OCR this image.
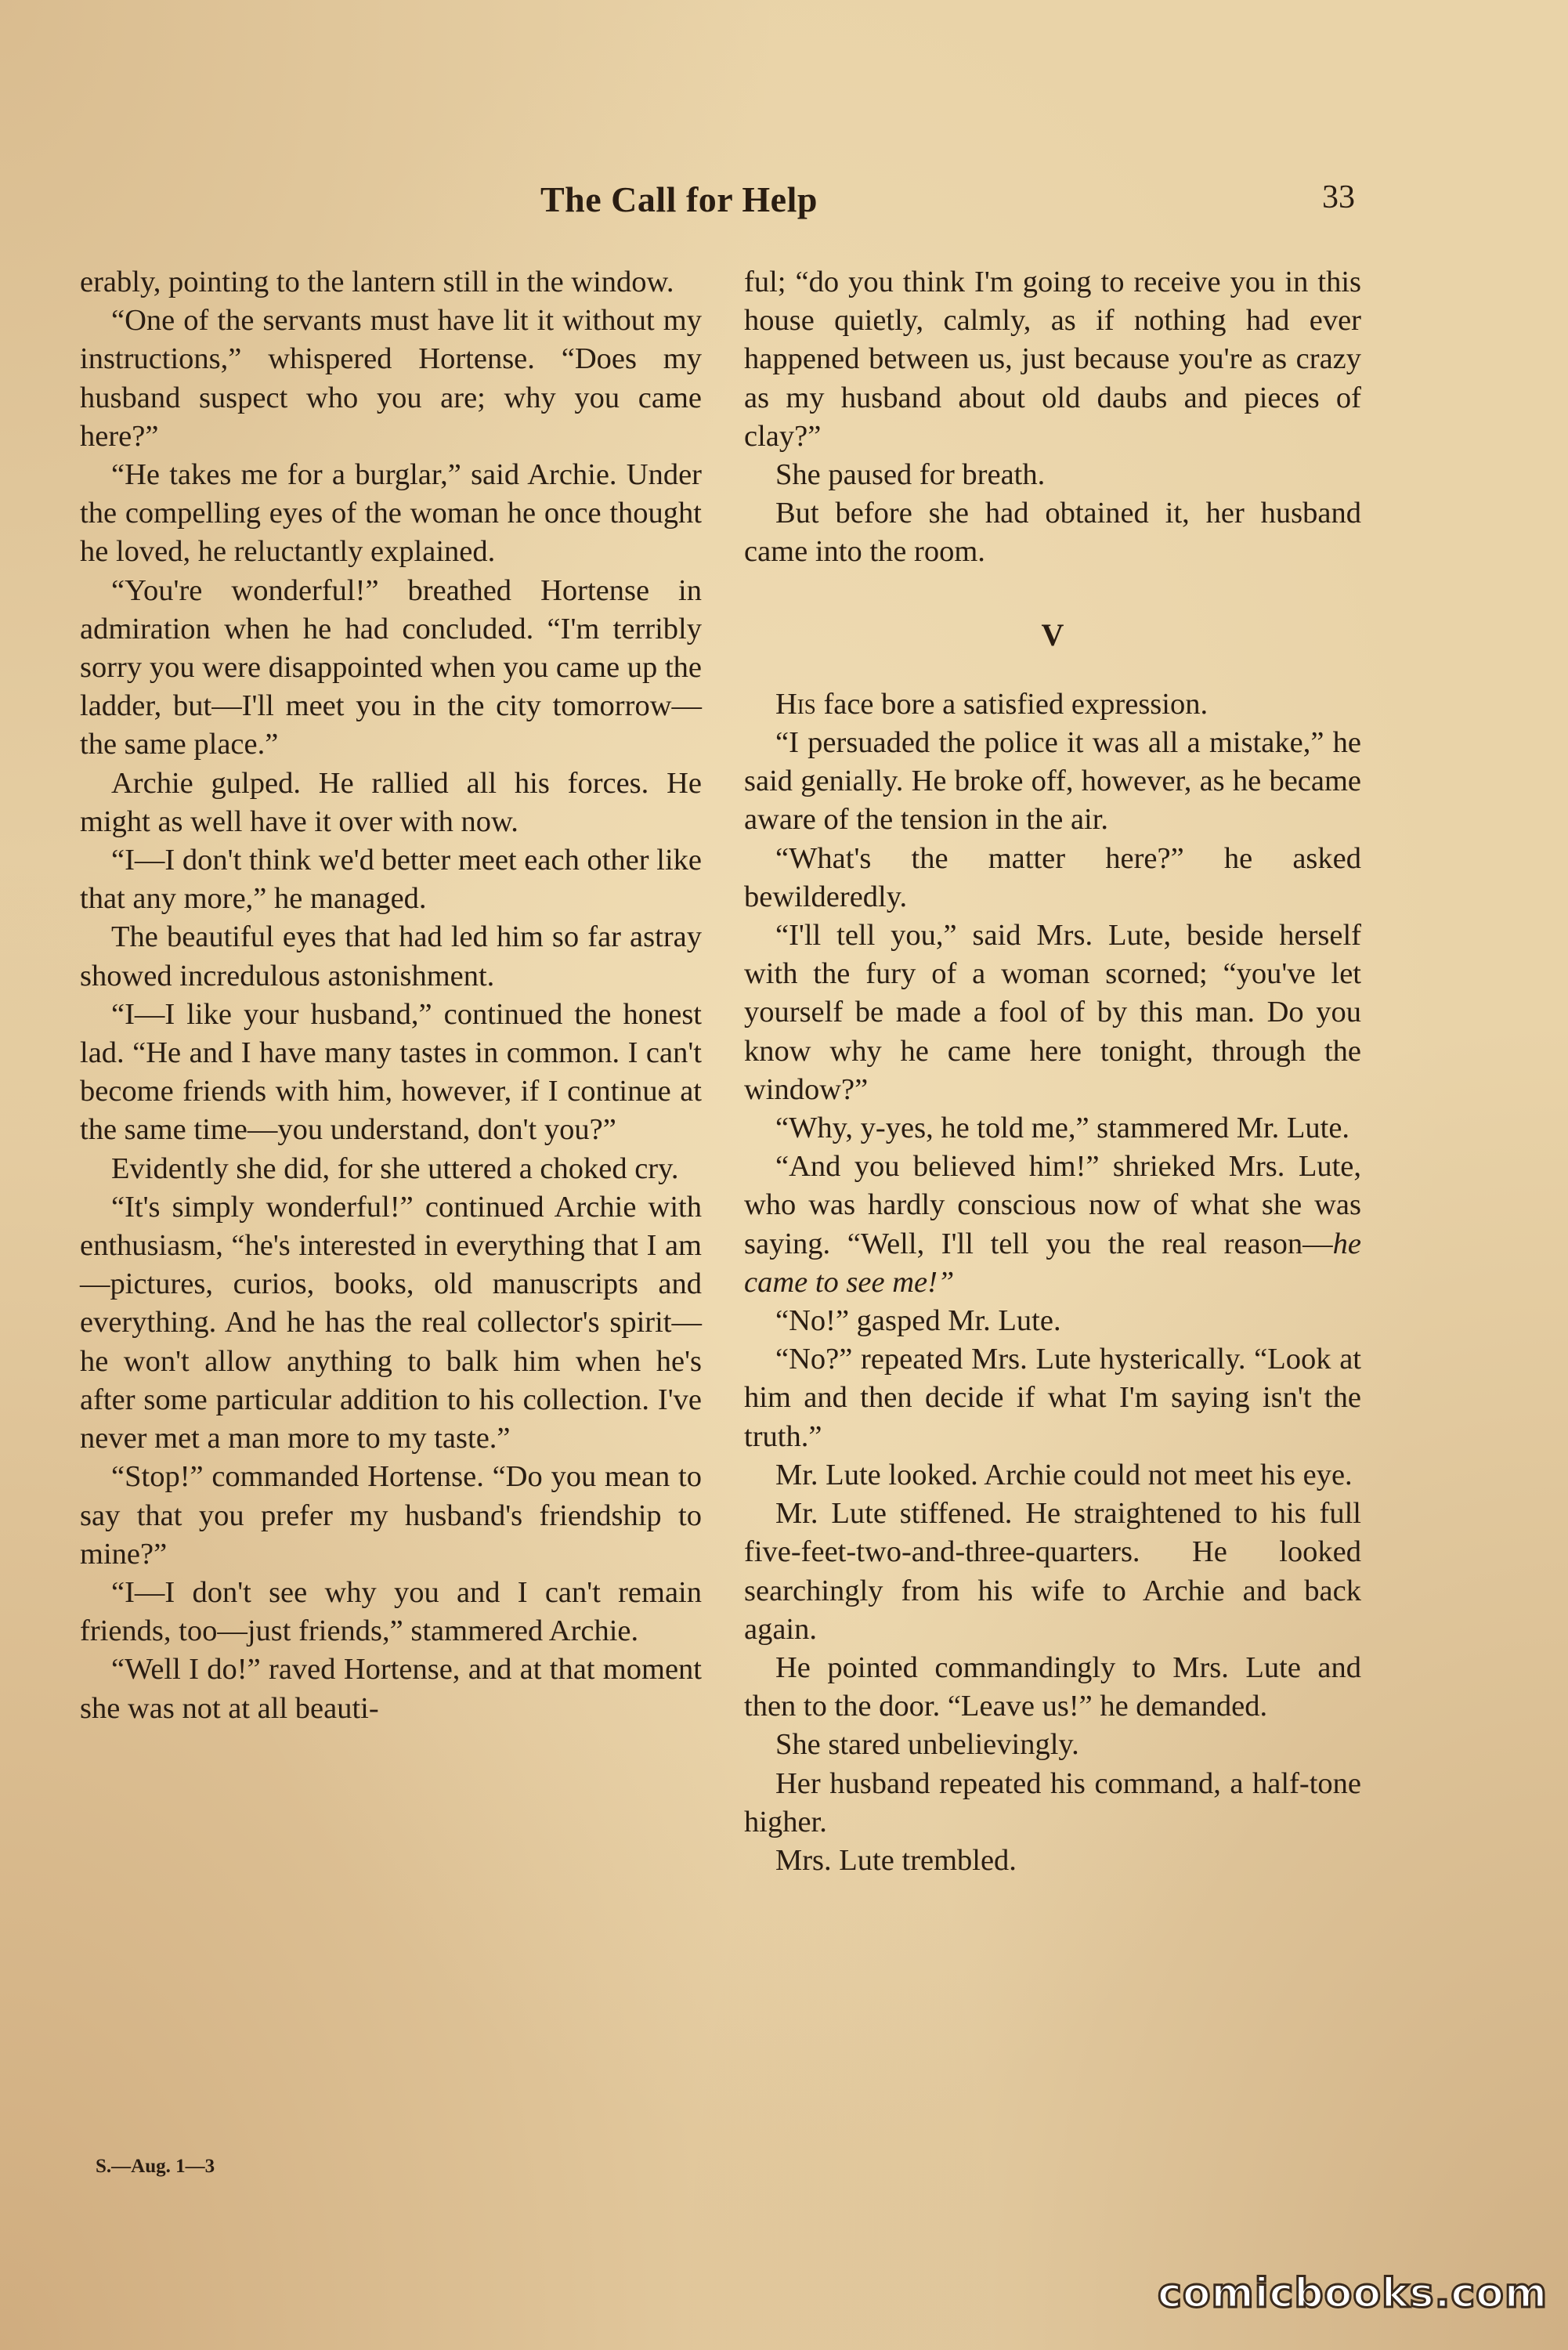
The Call for Help	33

erably, pointing to the lantern still in the window.

“One of the servants must have lit it without my instructions,” whispered Hortense. “Does my husband suspect who you are; why you came here?”

“He takes me for a burglar,” said Archie. Under the compelling eyes of the woman he once thought he loved, he reluctantly explained.

“You're wonderful!” breathed Hortense in admiration when he had concluded. “I'm terribly sorry you were disappointed when you came up the ladder, but—I'll meet you in the city tomorrow—the same place.”

Archie gulped. He rallied all his forces. He might as well have it over with now.

“I—I don't think we'd better meet each other like that any more,” he managed.

The beautiful eyes that had led him so far astray showed incredulous astonishment.

“I—I like your husband,” continued the honest lad. “He and I have many tastes in common. I can't become friends with him, however, if I continue at the same time—you understand, don't you?”

Evidently she did, for she uttered a choked cry.

“It's simply wonderful!” continued Archie with enthusiasm, “he's interested in everything that I am—pictures, curios, books, old manuscripts and everything. And he has the real collector's spirit—he won't allow anything to balk him when he's after some particular addition to his collection. I've never met a man more to my taste.”

“Stop!” commanded Hortense. “Do you mean to say that you prefer my husband's friendship to mine?”

“I—I don't see why you and I can't remain friends, too—just friends,” stammered Archie.

“Well I do!” raved Hortense, and at that moment she was not at all beauti-

ful; “do you think I'm going to receive you in this house quietly, calmly, as if nothing had ever happened between us, just because you're as crazy as my husband about old daubs and pieces of clay?”

She paused for breath.

But before she had obtained it, her husband came into the room.

V

His face bore a satisfied expression.

“I persuaded the police it was all a mistake,” he said genially. He broke off, however, as he became aware of the tension in the air.

“What's the matter here?” he asked bewilderedly.

“I'll tell you,” said Mrs. Lute, beside herself with the fury of a woman scorned; “you've let yourself be made a fool of by this man. Do you know why he came here tonight, through the window?”

“Why, y-yes, he told me,” stammered Mr. Lute.

“And you believed him!” shrieked Mrs. Lute, who was hardly conscious now of what she was saying. “Well, I'll tell you the real reason—he came to see me!”

“No!” gasped Mr. Lute.

“No?” repeated Mrs. Lute hysterically. “Look at him and then decide if what I'm saying isn't the truth.”

Mr. Lute looked. Archie could not meet his eye.

Mr. Lute stiffened. He straightened to his full five-feet-two-and-three-quarters. He looked searchingly from his wife to Archie and back again.

He pointed commandingly to Mrs. Lute and then to the door. “Leave us!” he demanded.

She stared unbelievingly.

Her husband repeated his command, a half-tone higher.

Mrs. Lute trembled.

S.—Aug. 1—3
comicbooks.com
